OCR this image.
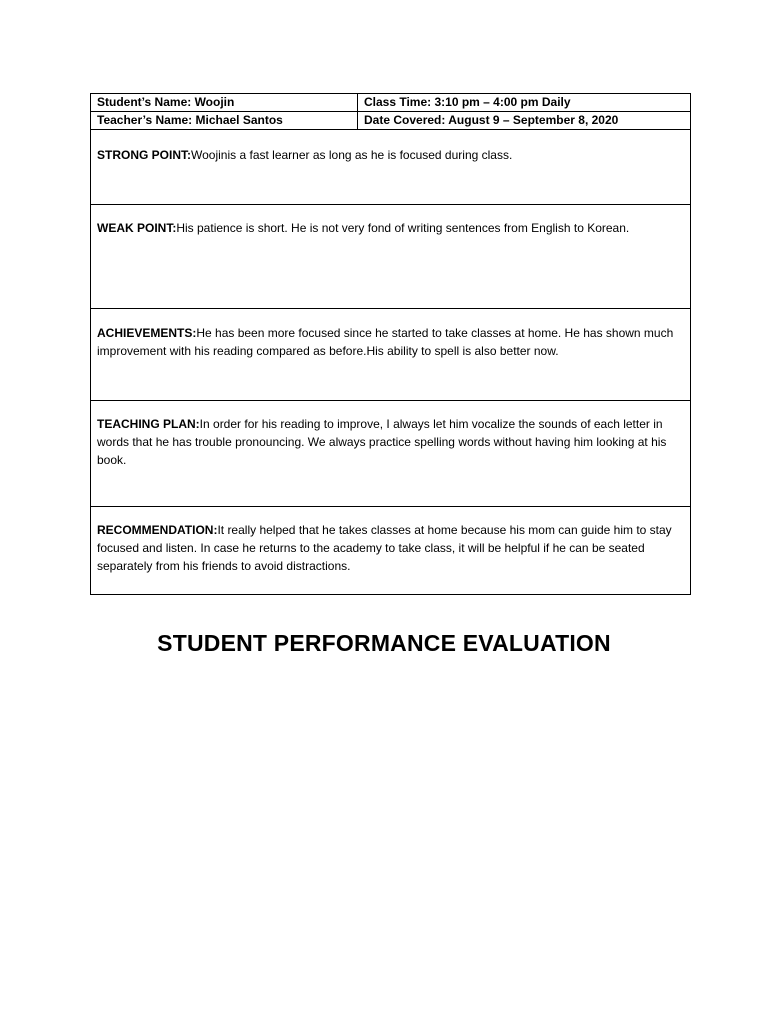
Student’s Name: Woojin	Class Time: 3:10 pm – 4:00 pm Daily
Teacher’s Name: Michael Santos	Date Covered: August 9 – September 8, 2020
STRONG POINT:Woojinis a fast learner as long as he is focused during class.
WEAK POINT:His patience is short. He is not very fond of writing sentences from English to Korean.
ACHIEVEMENTS:He has been more focused since he started to take classes at home. He has shown much improvement with his reading compared as before.His ability to spell is also better now.
TEACHING PLAN:In order for his reading to improve, I always let him vocalize the sounds of each letter in words that he has trouble pronouncing. We always practice spelling words without having him looking at his book.
RECOMMENDATION:It really helped that he takes classes at home because his mom can guide him to stay focused and listen. In case he returns to the academy to take class, it will be helpful if he can be seated separately from his friends to avoid distractions.
STUDENT PERFORMANCE EVALUATION
